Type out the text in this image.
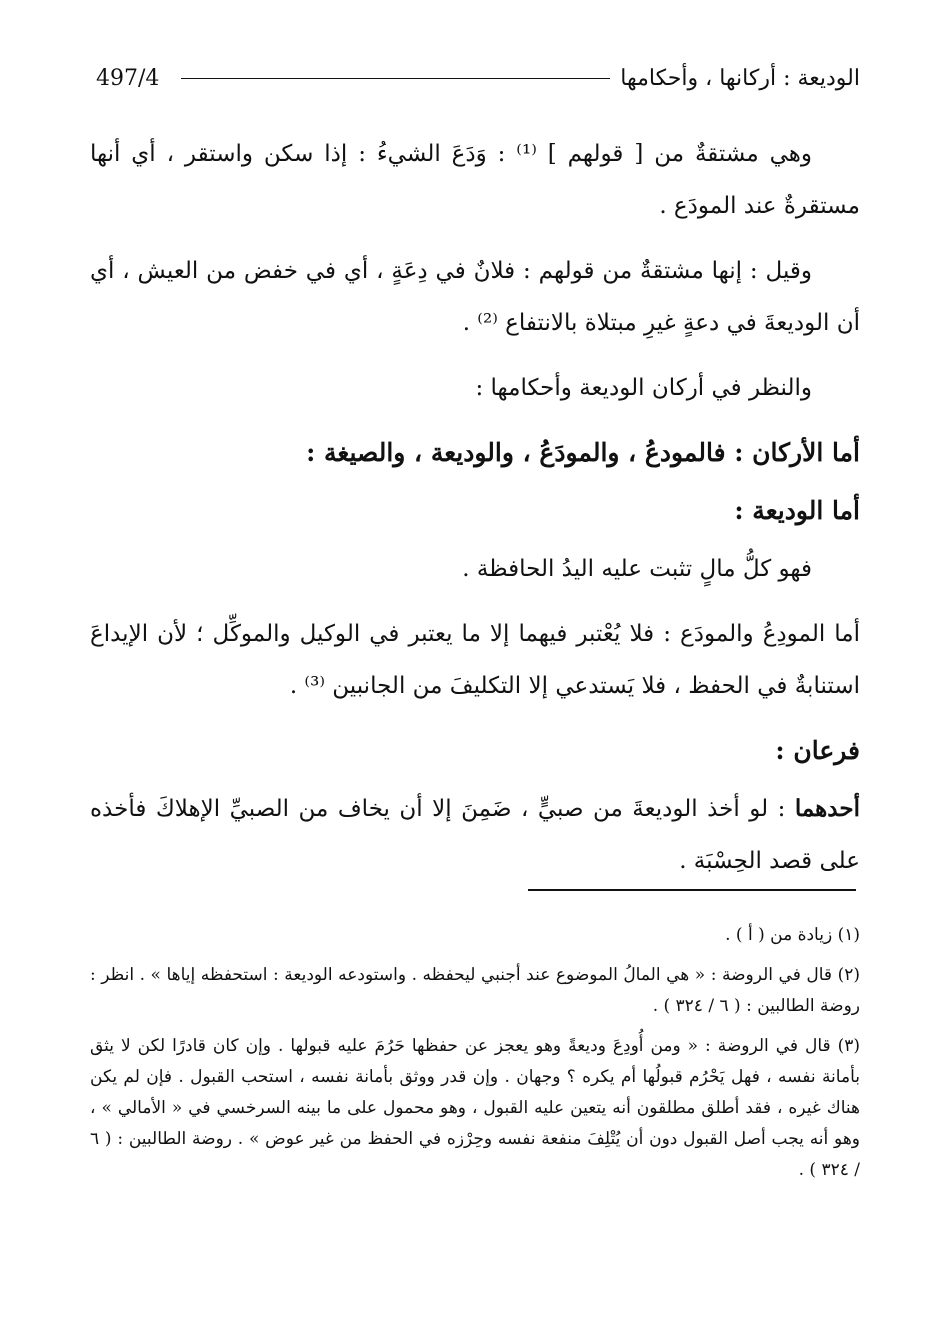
497/4	الوديعة : أركانها ، وأحكامها

وهي مشتقةٌ من [ قولهم ] ⁽¹⁾ : وَدَعَ الشيءُ : إذا سكن واستقر ، أي أنها مستقرةٌ عند المودَع .

وقيل : إنها مشتقةٌ من قولهم : فلانٌ في دِعَةٍ ، أي في خفض من العيش ، أي أن الوديعةَ في دعةٍ غيرِ مبتلاة بالانتفاع ⁽²⁾ .

والنظر في أركان الوديعة وأحكامها :

أما الأركان : فالمودعُ ، والمودَعُ ، والوديعة ، والصيغة :

أما الوديعة :

فهو كلُّ مالٍ تثبت عليه اليدُ الحافظة .

أما المودِعُ والمودَع : فلا يُعْتبر فيهما إلا ما يعتبر في الوكيل والموكِّل ؛ لأن الإيداعَ استنابةٌ في الحفظ ، فلا يَستدعي إلا التكليفَ من الجانبين ⁽³⁾ .

فرعان :

أحدهما : لو أخذ الوديعةَ من صبيٍّ ، ضَمِنَ إلا أن يخاف من الصبيِّ الإهلاكَ فأخذه على قصد الحِسْبَة .

(١) زيادة من ( أ ) .

(٢) قال في الروضة : « هي المالُ الموضوع عند أجنبي ليحفظه . واستودعه الوديعة : استحفظه إياها » . انظر : روضة الطالبين : ( ٦ / ٣٢٤ ) .

(٣) قال في الروضة : « ومن أُودِعَ وديعةً وهو يعجز عن حفظها حَرُمَ عليه قبولها . وإن كان قادرًا لكن لا يثق بأمانة نفسه ، فهل يَحْرُم قبولُها أم يكره ؟ وجهان . وإن قدر ووثق بأمانة نفسه ، استحب القبول . فإن لم يكن هناك غيره ، فقد أطلق مطلقون أنه يتعين عليه القبول ، وهو محمول على ما بينه السرخسي في « الأمالي » ، وهو أنه يجب أصل القبول دون أن يُتْلِفَ منفعة نفسه وحِرْزه في الحفظ من غير عوض » . روضة الطالبين : ( ٦ / ٣٢٤ ) .
